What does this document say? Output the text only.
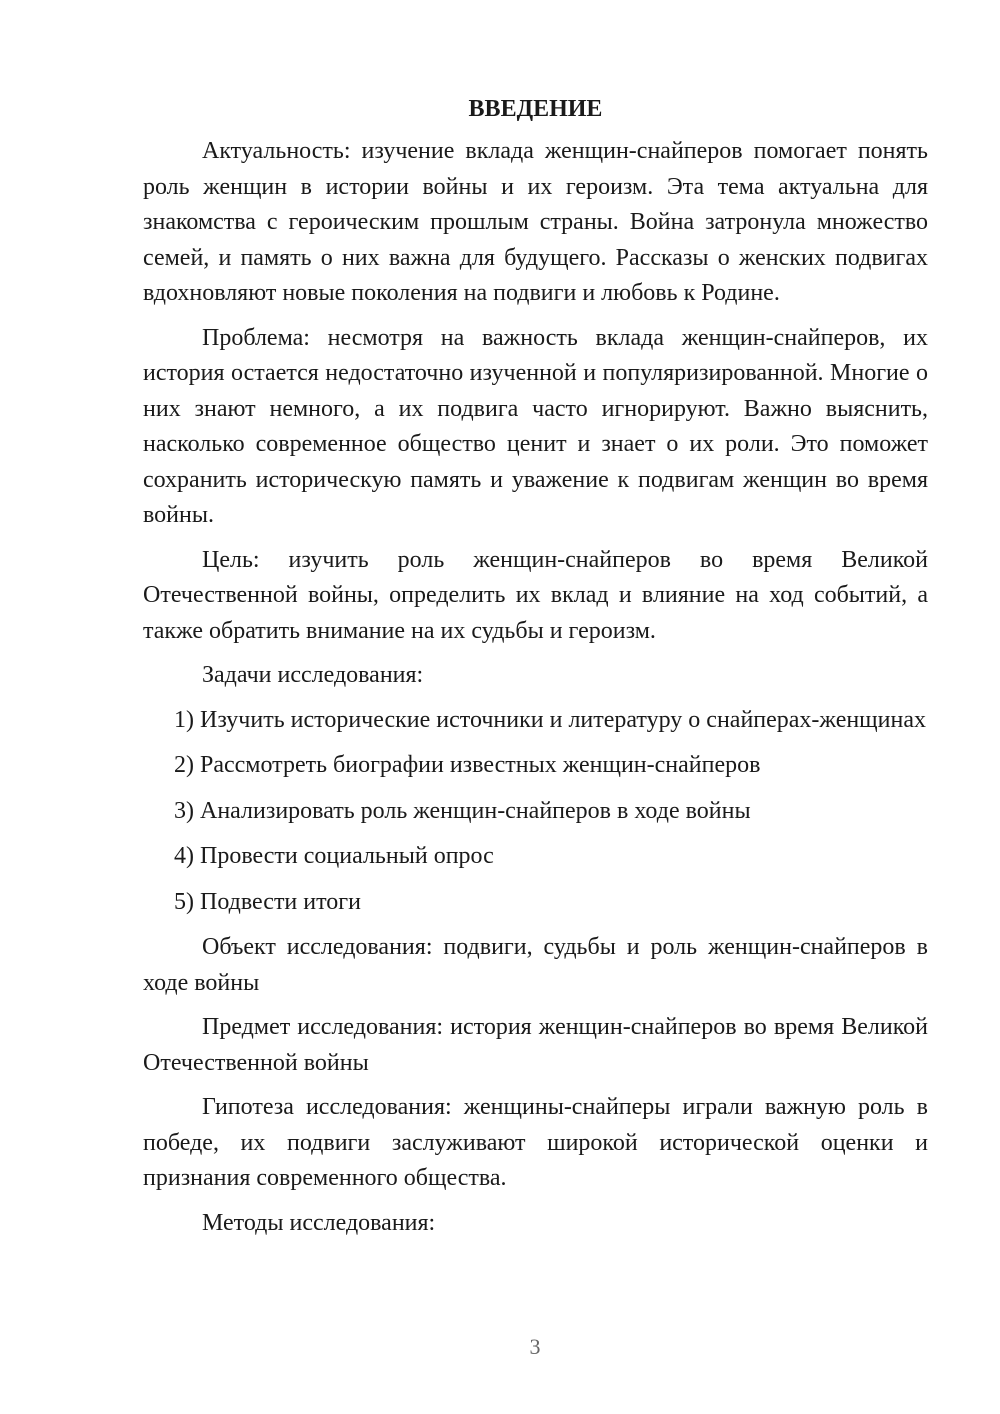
ВВЕДЕНИЕ

Актуальность: изучение вклада женщин-снайперов помогает понять роль женщин в истории войны и их героизм. Эта тема актуальна для знакомства с героическим прошлым страны. Война затронула множество семей, и память о них важна для будущего. Рассказы о женских подвигах вдохновляют новые поколения на подвиги и любовь к Родине.

Проблема: несмотря на важность вклада женщин-снайперов, их история остается недостаточно изученной и популяризированной. Многие о них знают немного, а их подвига часто игнорируют. Важно выяснить, насколько современное общество ценит и знает о их роли. Это поможет сохранить историческую память и уважение к подвигам женщин во время войны.

Цель: изучить роль женщин-снайперов во время Великой Отечественной войны, определить их вклад и влияние на ход событий, а также обратить внимание на их судьбы и героизм.

Задачи исследования:

1) Изучить исторические источники и литературу о снайперах-женщинах

2) Рассмотреть биографии известных женщин-снайперов

3) Анализировать роль женщин-снайперов в ходе войны

4) Провести социальный опрос

5) Подвести итоги

Объект исследования: подвиги, судьбы и роль женщин-снайперов в ходе войны

Предмет исследования: история женщин-снайперов во время Великой Отечественной войны

Гипотеза исследования: женщины-снайперы играли важную роль в победе, их подвиги заслуживают широкой исторической оценки и признания современного общества.

Методы исследования:

3
